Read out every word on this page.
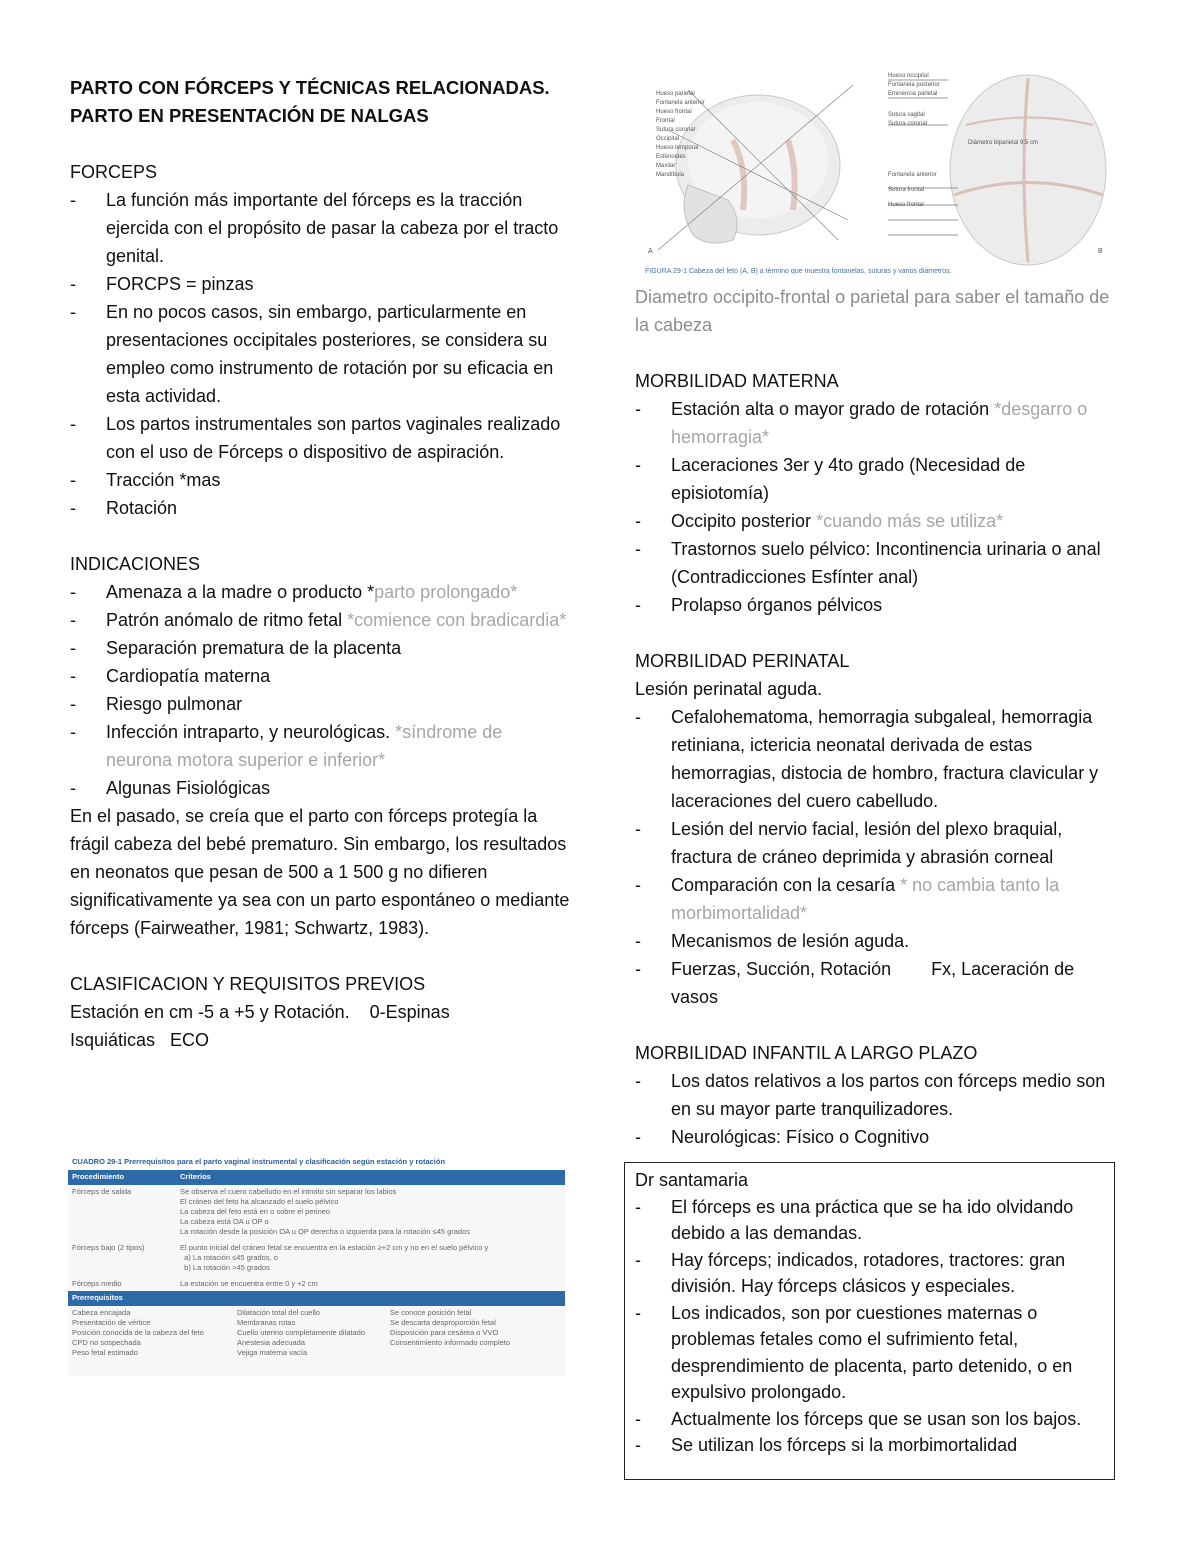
PARTO CON FÓRCEPS Y TÉCNICAS RELACIONADAS.
PARTO EN PRESENTACIÓN DE NALGAS
FORCEPS
- La función más importante del fórceps es la tracción ejercida con el propósito de pasar la cabeza por el tracto genital.
- FORCPS = pinzas
- En no pocos casos, sin embargo, particularmente en presentaciones occipitales posteriores, se considera su empleo como instrumento de rotación por su eficacia en esta actividad.
- Los partos instrumentales son partos vaginales realizado con el uso de Fórceps o dispositivo de aspiración.
- Tracción *mas
- Rotación
INDICACIONES
- Amenaza a la madre o producto *parto prolongado*
- Patrón anómalo de ritmo fetal *comience con bradicardia*
- Separación prematura de la placenta
- Cardiopatía materna
- Riesgo pulmonar
- Infección intraparto, y neurológicas. *síndrome de neurona motora superior e inferior*
- Algunas Fisiológicas

En el pasado, se creía que el parto con fórceps protegía la frágil cabeza del bebé prematuro. Sin embargo, los resultados en neonatos que pesan de 500 a 1 500 g no difieren significativamente ya sea con un parto espontáneo o mediante fórceps (Fairweather, 1981; Schwartz, 1983).

CLASIFICACION Y REQUISITOS PREVIOS
Estación en cm -5 a +5 y Rotación.    0-Espinas
Isquiáticas   ECO
CUADRO 29-1 Prerrequisitos para el parto vaginal instrumental y clasificación según estación y rotación
Procedimiento	Criterios
Fórceps de salida	Se observa el cuero cabelludo en el introito sin separar los labios
El cráneo del feto ha alcanzado el suelo pélvico
La cabeza del feto está en o sobre el perineo
La cabeza está OA u OP o
La rotación desde la posición OA u OP derecha o izquierda para la rotación ≤45 grados
Fórceps bajo (2 tipos)	El punto inicial del cráneo fetal se encuentra en la estación ≥+2 cm y no en el suelo pélvico y
a) La rotación ≤45 grados, o
b) La rotación >45 grados
Fórceps medio	La estación se encuentra entre 0 y +2 cm
Prerrequisitos
Cabeza encajada	Dilatación total del cuello	Se conoce posición fetal
Presentación de vértice	Membranas rotas	Se descarta desproporción fetal
Posición conocida de la cabeza del feto	Cuello uterino completamente dilatado	Disposición para cesárea o VVO
CPD no sospechada	Anestesia adecuada	Consentimiento informado completo
Peso fetal estimado	Vejiga materna vacía
Hueso occipital
Fontanela posterior
Eminencia parietal
Sutura sagital
Sutura coronal
Fontanela anterior
Sutura frontal
Hueso frontal
Hueso parietal
Fontanela anterior
Hueso frontal
Frontal
Sutura coronal
Occipital
Hueso temporal
Esfenoides
Maxilar
Mandíbula
Diámetro biparietal 9.5 cm
A	B
FIGURA 29-1 Cabeza del feto (A, B) a término que muestra fontanelas, suturas y varios diámetros.

Diametro occipito-frontal o parietal para saber el tamaño de la cabeza

MORBILIDAD MATERNA
- Estación alta o mayor grado de rotación *desgarro o hemorragia*
- Laceraciones 3er y 4to grado (Necesidad de episiotomía)
- Occipito posterior *cuando más se utiliza*
- Trastornos suelo pélvico: Incontinencia urinaria o anal (Contradicciones Esfínter anal)
- Prolapso órganos pélvicos
MORBILIDAD PERINATAL
Lesión perinatal aguda.
- Cefalohematoma, hemorragia subgaleal, hemorragia retiniana, ictericia neonatal derivada de estas hemorragias, distocia de hombro, fractura clavicular y laceraciones del cuero cabelludo.
- Lesión del nervio facial, lesión del plexo braquial, fractura de cráneo deprimida y abrasión corneal
- Comparación con la cesaría * no cambia tanto la morbimortalidad*
- Mecanismos de lesión aguda.
- Fuerzas, Succión, Rotación        Fx, Laceración de vasos
MORBILIDAD INFANTIL A LARGO PLAZO
- Los datos relativos a los partos con fórceps medio son en su mayor parte tranquilizadores.
- Neurológicas: Físico o Cognitivo
Dr santamaria
- El fórceps es una práctica que se ha ido olvidando debido a las demandas.
- Hay fórceps; indicados, rotadores, tractores: gran división. Hay fórceps clásicos y especiales.
- Los indicados, son por cuestiones maternas o problemas fetales como el sufrimiento fetal, desprendimiento de placenta, parto detenido, o en expulsivo prolongado.
- Actualmente los fórceps que se usan son los bajos.
- Se utilizan los fórceps si la morbimortalidad
